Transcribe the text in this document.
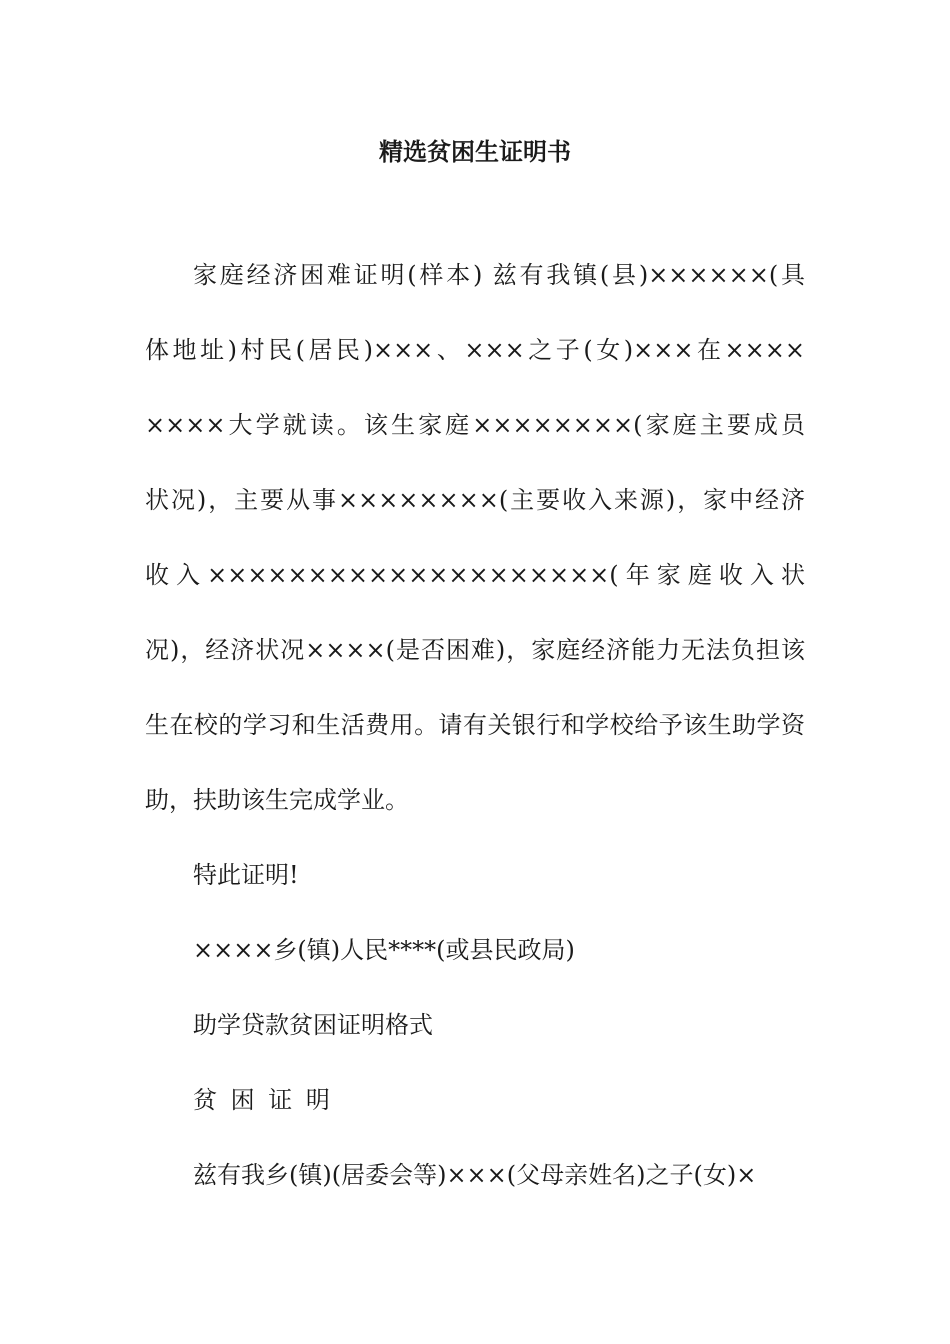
精选贫困生证明书
家庭经济困难证明(样本) 兹有我镇(县)××××××(具
体地址)村民(居民)×××、×××之子(女)×××在××××
××××大学就读。该生家庭××××××××(家庭主要成员
状况)，主要从事××××××××(主要收入来源)，家中经济
收入××××××××××××××××××××(年家庭收入状
况)，经济状况××××(是否困难)，家庭经济能力无法负担该
生在校的学习和生活费用。请有关银行和学校给予该生助学资
助，扶助该生完成学业。
特此证明!
××××乡(镇)人民****(或县民政局)
助学贷款贫困证明格式
贫 困 证 明
兹有我乡(镇)(居委会等)×××(父母亲姓名)之子(女)×
